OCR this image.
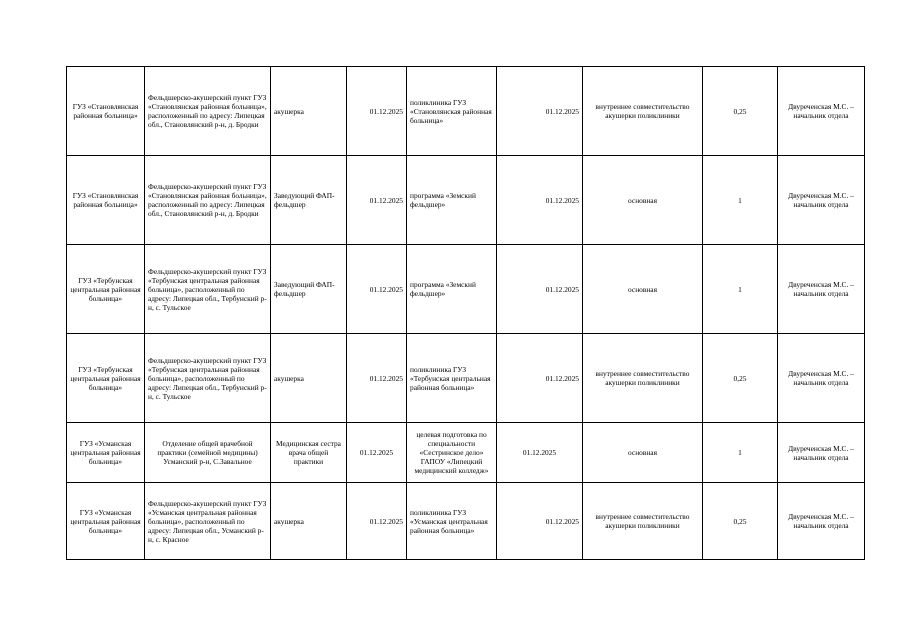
ГУЗ «Становлянская районная больница»	Фельдшерско-акушерский пункт ГУЗ «Становлянская районная больница», расположенный по адресу: Липецкая обл., Становлянский р-н, д. Бродки	акушерка	01.12.2025	поликлиника ГУЗ «Становлянская районная больница»	01.12.2025	внутреннее совместительство акушерки поликлиники	0,25	Двуреченская М.С. – начальник отдела
ГУЗ «Становлянская районная больница»	Фельдшерско-акушерский пункт ГУЗ «Становлянская районная больница», расположенный по адресу: Липецкая обл., Становлянский р-н, д. Бродки	Заведующий ФАП-фельдшер	01.12.2025	программа «Земский фельдшер»	01.12.2025	основная	1	Двуреченская М.С. – начальник отдела
ГУЗ «Тербунская центральная районная больница»	Фельдшерско-акушерский пункт ГУЗ «Тербунская центральная районная больница», расположенный по адресу: Липецкая обл., Тербунский р-н, с. Тульское	Заведующий ФАП-фельдшер	01.12.2025	программа «Земский фельдшер»	01.12.2025	основная	1	Двуреченская М.С. – начальник отдела
ГУЗ «Тербунская центральная районная больница»	Фельдшерско-акушерский пункт ГУЗ «Тербунская центральная районная больница», расположенный по адресу: Липецкая обл., Тербунский р-н, с. Тульское	акушерка	01.12.2025	поликлиника ГУЗ «Тербунская центральная районная больница»	01.12.2025	внутреннее совместительство акушерки поликлиники	0,25	Двуреченская М.С. – начальник отдела
ГУЗ «Усманская центральная районная больница»	Отделение общей врачебной практики (семейной медицины) Усманский р-н, С.Завальное	Медицинская сестра врача общей практики	01.12.2025	целевая подготовка по специальности «Сестринское дело» ГАПОУ «Липецкий медицинский колледж»	01.12.2025	основная	1	Двуреченская М.С. – начальник отдела
ГУЗ «Усманская центральная районная больница»	Фельдшерско-акушерский пункт ГУЗ «Усманская центральная районная больница», расположенный по адресу: Липецкая обл., Усманский р-н, с. Красное	акушерка	01.12.2025	поликлиника ГУЗ «Усманская центральная районная больница»	01.12.2025	внутреннее совместительство акушерки поликлиники	0,25	Двуреченская М.С. – начальник отдела
